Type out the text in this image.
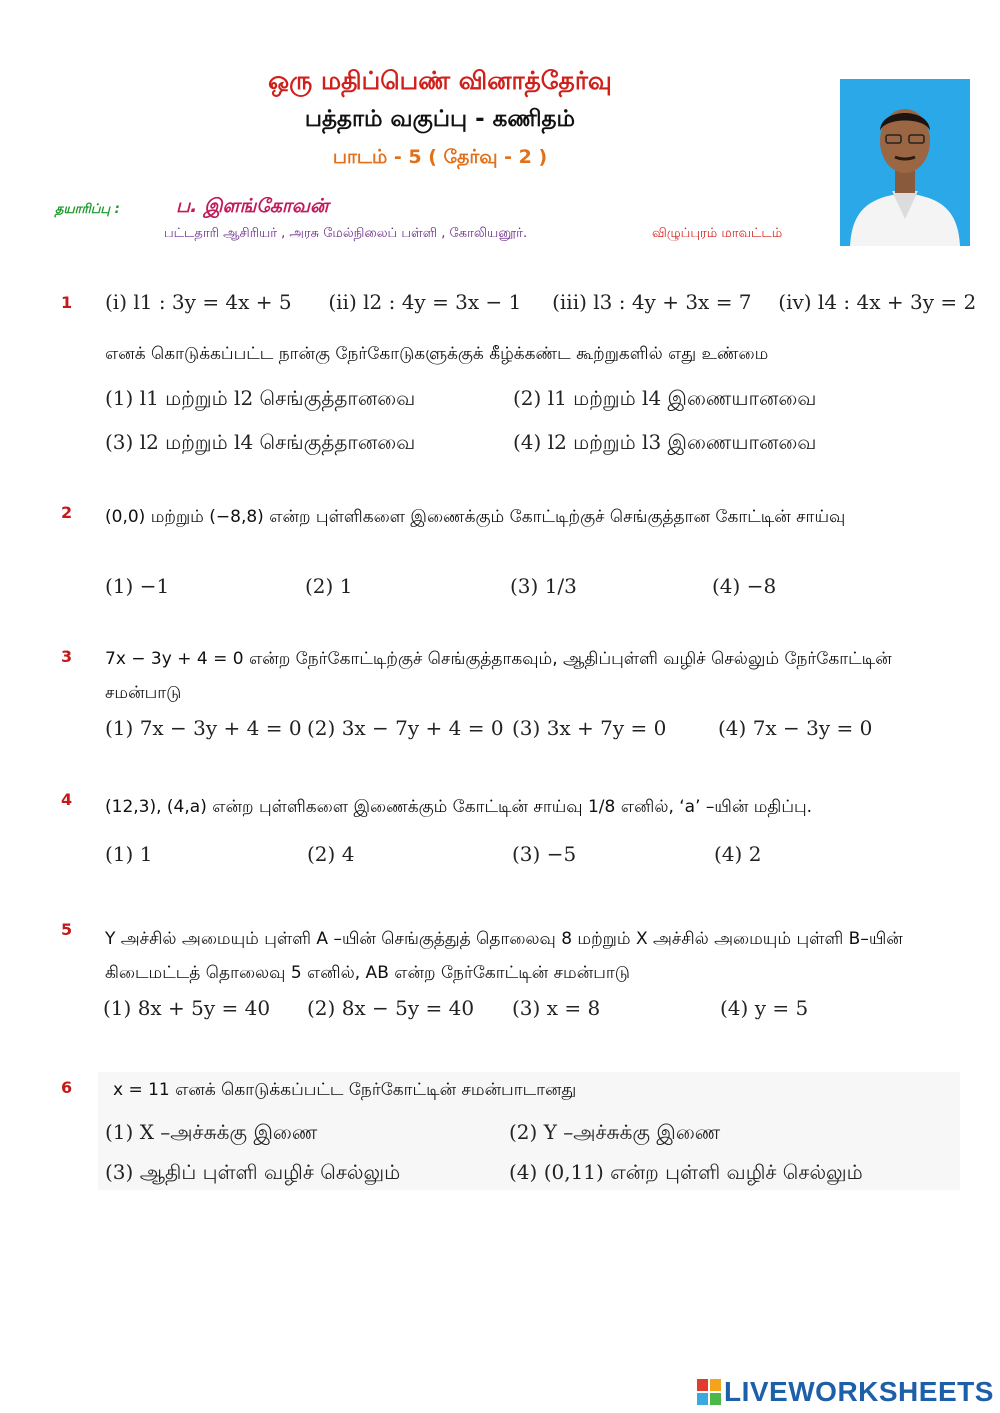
ஒரு மதிப்பெண் வினாத்தேர்வு
பத்தாம் வகுப்பு - கணிதம்
பாடம் - 5 ( தேர்வு - 2 )
தயாரிப்பு :	ப. இளங்கோவன்
பட்டதாரி ஆசிரியர் , அரசு மேல்நிலைப் பள்ளி , கோலியனூர்.	விழுப்புரம் மாவட்டம்
1 (i) l1 : 3y = 4x + 5 (ii) l2 : 4y = 3x − 1 (iii) l3 : 4y + 3x = 7 (iv) l4 : 4x + 3y = 2
எனக் கொடுக்கப்பட்ட நான்கு நேர்கோடுகளுக்குக் கீழ்க்கண்ட கூற்றுகளில் எது உண்மை
(1) l1 மற்றும் l2 செங்குத்தானவை	(2) l1 மற்றும் l4 இணையானவை
(3) l2 மற்றும் l4 செங்குத்தானவை	(4) l2 மற்றும் l3 இணையானவை
2 (0,0) மற்றும் (−8,8) என்ற புள்ளிகளை இணைக்கும் கோட்டிற்குச் செங்குத்தான கோட்டின் சாய்வு
(1) −1	(2) 1	(3) 1/3	(4) −8
3 7x − 3y + 4 = 0 என்ற நேர்கோட்டிற்குச் செங்குத்தாகவும், ஆதிப்புள்ளி வழிச் செல்லும் நேர்கோட்டின் சமன்பாடு
(1) 7x − 3y + 4 = 0 (2) 3x − 7y + 4 = 0 (3) 3x + 7y = 0	(4) 7x − 3y = 0
4 (12,3), (4,a) என்ற புள்ளிகளை இணைக்கும் கோட்டின் சாய்வு 1/8 எனில், ‘a’ –யின் மதிப்பு.
(1) 1	(2) 4	(3) −5	(4) 2
5 Y அச்சில் அமையும் புள்ளி A –யின் செங்குத்துத் தொலைவு 8 மற்றும் X அச்சில் அமையும் புள்ளி B–யின் கிடைமட்டத் தொலைவு 5 எனில், AB என்ற நேர்கோட்டின் சமன்பாடு
(1) 8x + 5y = 40 (2) 8x − 5y = 40 (3) x = 8	(4) y = 5
6 x = 11 எனக் கொடுக்கப்பட்ட நேர்கோட்டின் சமன்பாடானது
(1) X –அச்சுக்கு இணை	(2) Y –அச்சுக்கு இணை
(3) ஆதிப் புள்ளி வழிச் செல்லும்	(4) (0,11) என்ற புள்ளி வழிச் செல்லும்
LIVEWORKSHEETS
